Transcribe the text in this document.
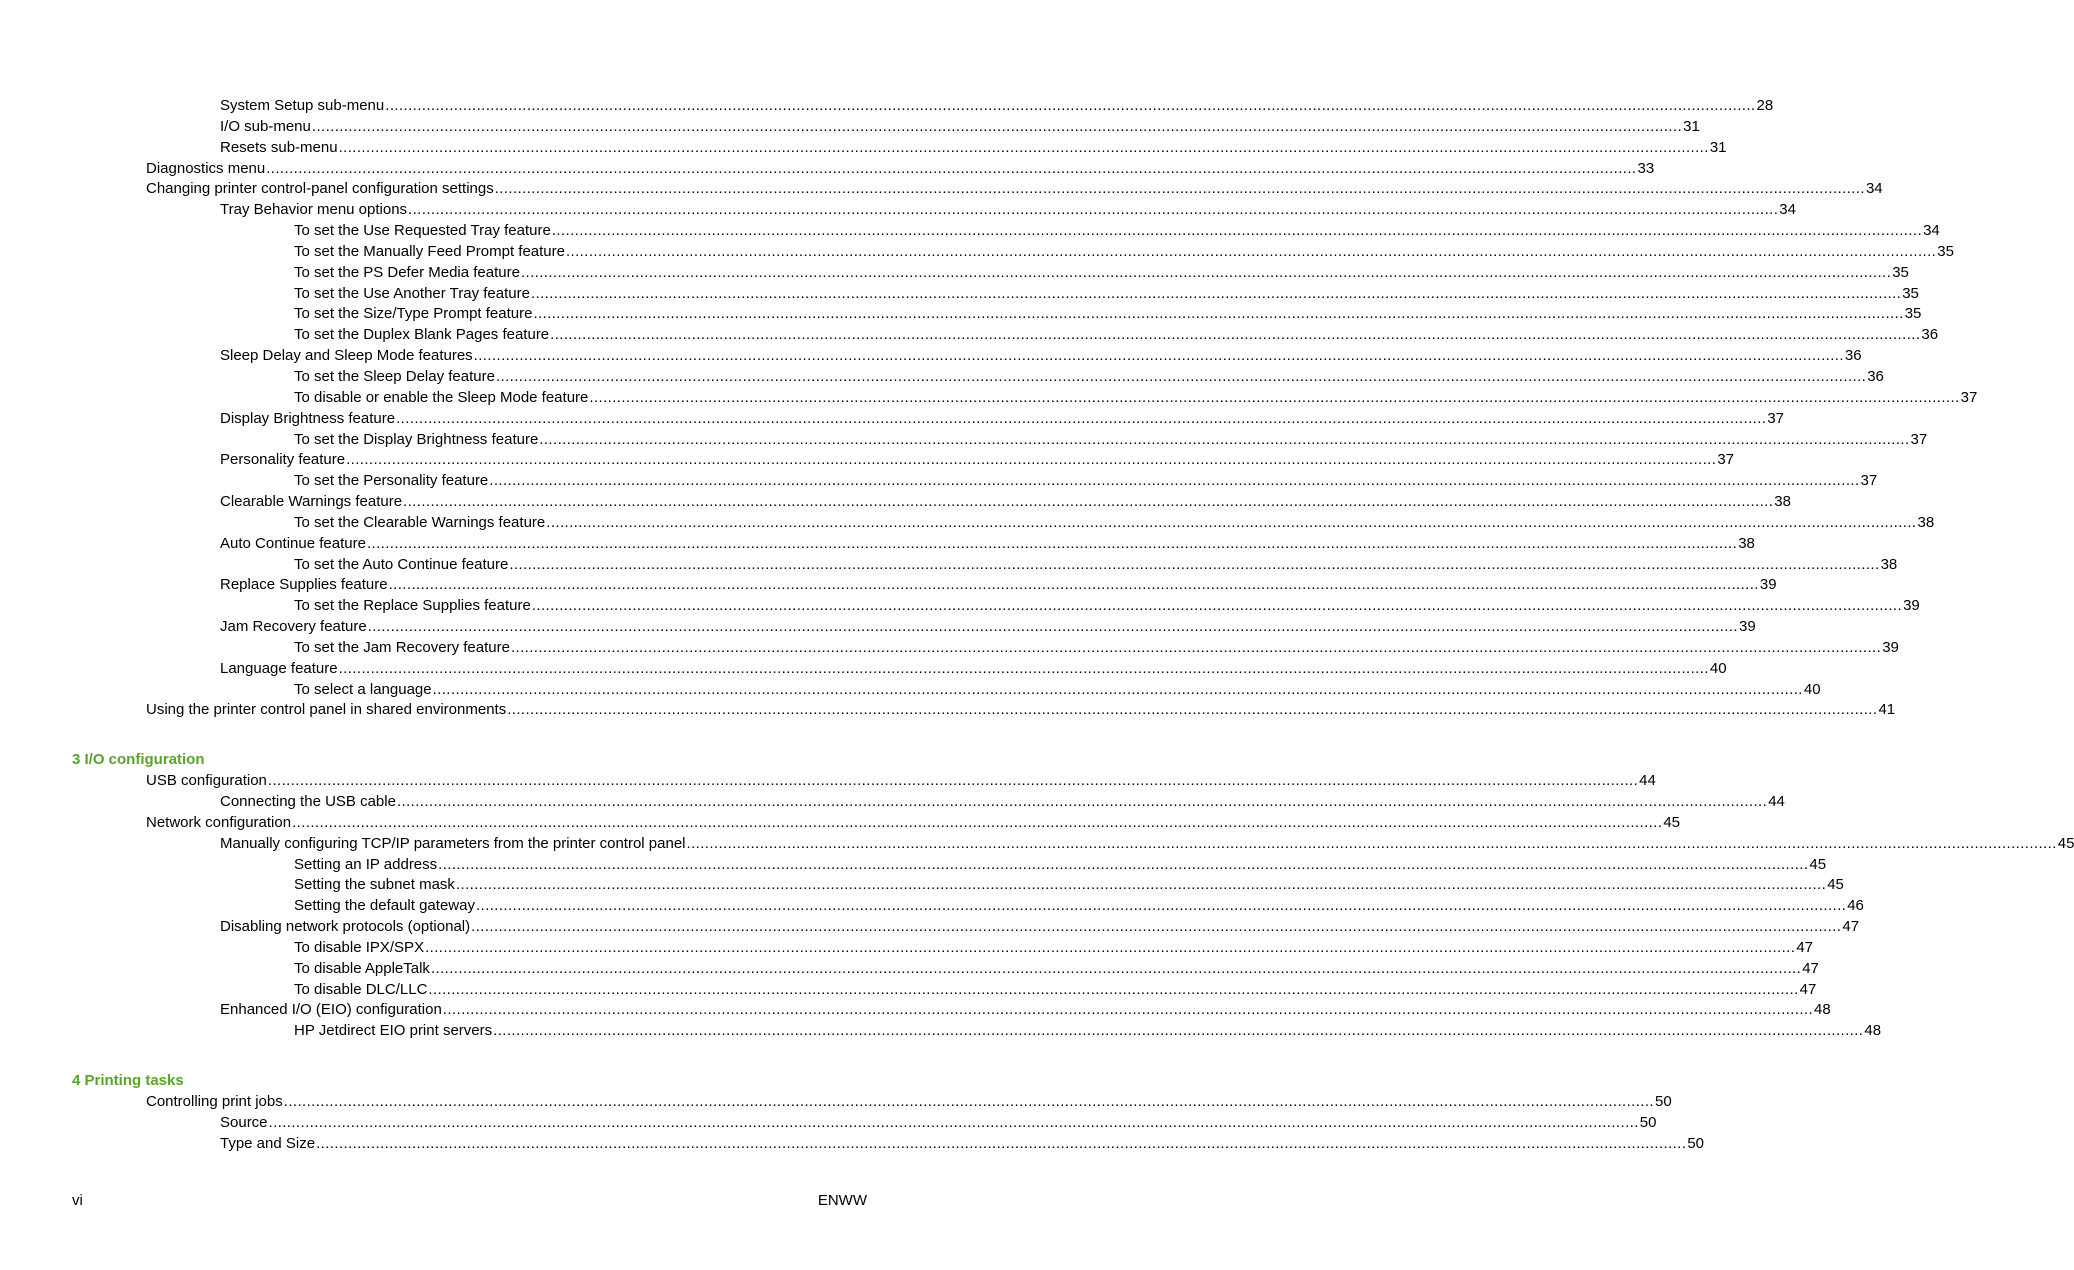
System Setup sub-menu ............................................................................................................................................................................................................................................................................................................ 28
I/O sub-menu ............................................................................................................................................................................................................................................................................................................ 31
Resets sub-menu ............................................................................................................................................................................................................................................................................................................ 31
Diagnostics menu ............................................................................................................................................................................................................................................................................................................ 33
Changing printer control-panel configuration settings ............................................................................................................................................................................................................................................................................................................ 34
Tray Behavior menu options ............................................................................................................................................................................................................................................................................................................ 34
To set the Use Requested Tray feature ............................................................................................................................................................................................................................................................................................................ 34
To set the Manually Feed Prompt feature ............................................................................................................................................................................................................................................................................................................ 35
To set the PS Defer Media feature ............................................................................................................................................................................................................................................................................................................ 35
To set the Use Another Tray feature ............................................................................................................................................................................................................................................................................................................ 35
To set the Size/Type Prompt feature ............................................................................................................................................................................................................................................................................................................ 35
To set the Duplex Blank Pages feature ............................................................................................................................................................................................................................................................................................................ 36
Sleep Delay and Sleep Mode features ............................................................................................................................................................................................................................................................................................................ 36
To set the Sleep Delay feature ............................................................................................................................................................................................................................................................................................................ 36
To disable or enable the Sleep Mode feature ............................................................................................................................................................................................................................................................................................................ 37
Display Brightness feature ............................................................................................................................................................................................................................................................................................................ 37
To set the Display Brightness feature ............................................................................................................................................................................................................................................................................................................ 37
Personality feature ............................................................................................................................................................................................................................................................................................................ 37
To set the Personality feature ............................................................................................................................................................................................................................................................................................................ 37
Clearable Warnings feature ............................................................................................................................................................................................................................................................................................................ 38
To set the Clearable Warnings feature ............................................................................................................................................................................................................................................................................................................ 38
Auto Continue feature ............................................................................................................................................................................................................................................................................................................ 38
To set the Auto Continue feature ............................................................................................................................................................................................................................................................................................................ 38
Replace Supplies feature ............................................................................................................................................................................................................................................................................................................ 39
To set the Replace Supplies feature ............................................................................................................................................................................................................................................................................................................ 39
Jam Recovery feature ............................................................................................................................................................................................................................................................................................................ 39
To set the Jam Recovery feature ............................................................................................................................................................................................................................................................................................................ 39
Language feature ............................................................................................................................................................................................................................................................................................................ 40
To select a language ............................................................................................................................................................................................................................................................................................................ 40
Using the printer control panel in shared environments ............................................................................................................................................................................................................................................................................................................ 41
3 I/O configuration
USB configuration ............................................................................................................................................................................................................................................................................................................ 44
Connecting the USB cable ............................................................................................................................................................................................................................................................................................................ 44
Network configuration ............................................................................................................................................................................................................................................................................................................ 45
Manually configuring TCP/IP parameters from the printer control panel ............................................................................................................................................................................................................................................................................................................ 45
Setting an IP address ............................................................................................................................................................................................................................................................................................................ 45
Setting the subnet mask ............................................................................................................................................................................................................................................................................................................ 45
Setting the default gateway ............................................................................................................................................................................................................................................................................................................ 46
Disabling network protocols (optional) ............................................................................................................................................................................................................................................................................................................ 47
To disable IPX/SPX ............................................................................................................................................................................................................................................................................................................ 47
To disable AppleTalk ............................................................................................................................................................................................................................................................................................................ 47
To disable DLC/LLC ............................................................................................................................................................................................................................................................................................................ 47
Enhanced I/O (EIO) configuration ............................................................................................................................................................................................................................................................................................................ 48
HP Jetdirect EIO print servers ............................................................................................................................................................................................................................................................................................................ 48
4 Printing tasks
Controlling print jobs ............................................................................................................................................................................................................................................................................................................ 50
Source ............................................................................................................................................................................................................................................................................................................ 50
Type and Size ............................................................................................................................................................................................................................................................................................................ 50
vi	ENWW
